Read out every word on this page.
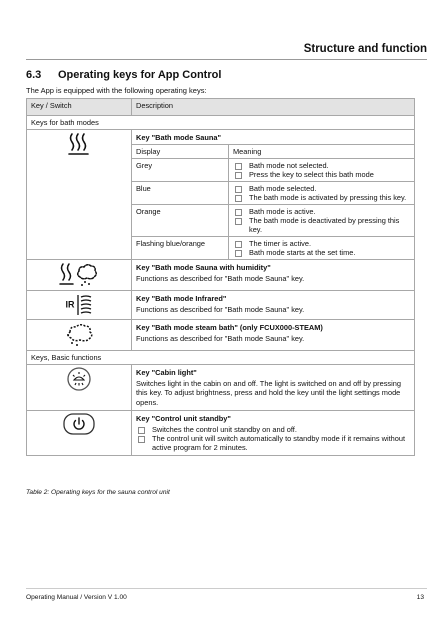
Structure and function
6.3 Operating keys for App Control
The App is equipped with the following operating keys:
Key / Switch	Description
Keys for bath modes

Key "Bath mode Sauna"
Display	Meaning
Grey	Bath mode not selected.
Press the key to select this bath mode

Blue	Bath mode selected.
The bath mode is activated by pressing this key.

Orange	Bath mode is active.
The bath mode is deactivated by pressing this key.

Flashing blue/orange	The timer is active.
Bath mode starts at the set time.

Key "Bath mode Sauna with humidity"
Functions as described for "Bath mode Sauna" key.

IR	
Key "Bath mode Infrared"
Functions as described for "Bath mode Sauna" key.

Key "Bath mode steam bath" (only FCUX000-STEAM)
Functions as described for "Bath mode Sauna" key.

Keys, Basic functions

Key "Cabin light"
Switches light in the cabin on and off. The light is switched on and off by pressing this key. To adjust brightness, press and hold the key until the light settings mode opens.

Key "Control unit standby"
Switches the control unit standby on and off.
The control unit will switch automatically to standby mode if it remains without active program for 2 minutes.
Table 2: Operating keys for the sauna control unit
Operating Manual / Version V 1.00	13
